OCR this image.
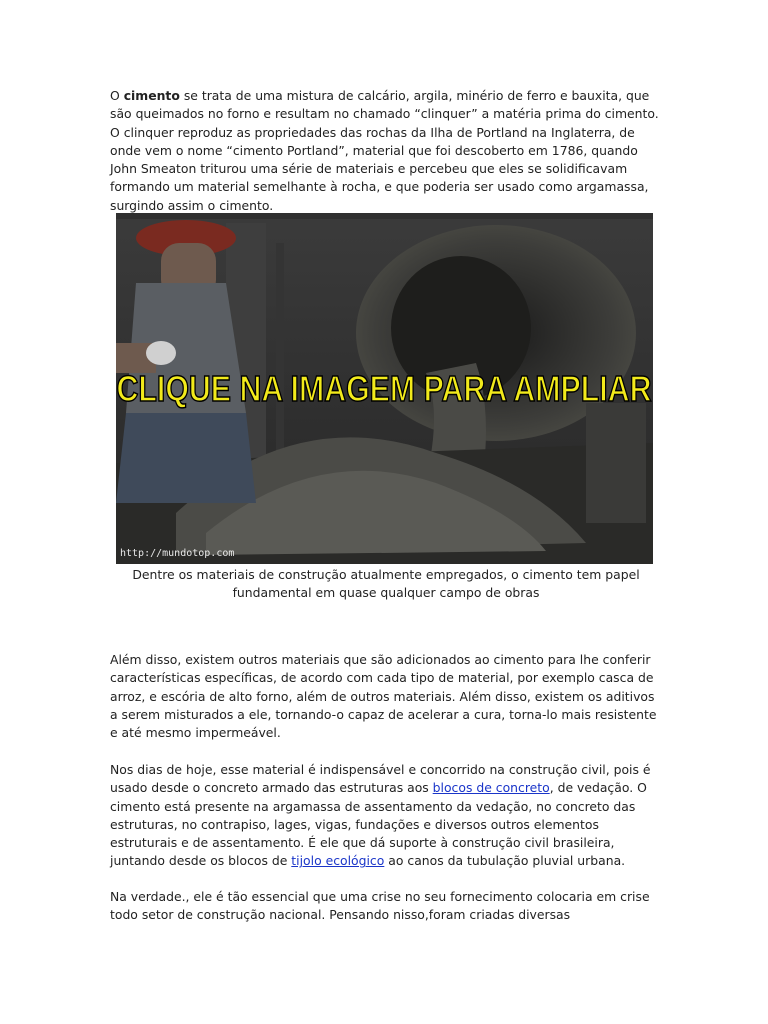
O cimento se trata de uma mistura de calcário, argila, minério de ferro e bauxita, que são queimados no forno e resultam no chamado “clinquer” a matéria prima do cimento. O clinquer reproduz as propriedades das rochas da Ilha de Portland na Inglaterra, de onde vem o nome “cimento Portland”, material que foi descoberto em 1786, quando John Smeaton triturou uma série de materiais e percebeu que eles se solidificavam formando um material semelhante à rocha, e que poderia ser usado como argamassa, surgindo assim o cimento.

CLIQUE NA IMAGEM PARA AMPLIAR
http://mundotop.com

Dentre os materiais de construção atualmente empregados, o cimento tem papel fundamental em quase qualquer campo de obras

Além disso, existem outros materiais que são adicionados ao cimento para lhe conferir características específicas, de acordo com cada tipo de material, por exemplo casca de arroz, e escória de alto forno, além de outros materiais. Além disso, existem os aditivos a serem misturados a ele, tornando-o capaz de acelerar a cura, torna-lo mais resistente e até mesmo impermeável.

Nos dias de hoje, esse material é indispensável e concorrido na construção civil, pois é usado desde o concreto armado das estruturas aos blocos de concreto, de vedação. O cimento está presente na argamassa de assentamento da vedação, no concreto das estruturas, no contrapiso, lages, vigas, fundações e diversos outros elementos estruturais e de assentamento. É ele que dá suporte à construção civil brasileira, juntando desde os blocos de tijolo ecológico ao canos da tubulação pluvial urbana.

Na verdade., ele é tão essencial que uma crise no seu fornecimento colocaria em crise todo setor de construção nacional. Pensando nisso,foram criadas diversas
